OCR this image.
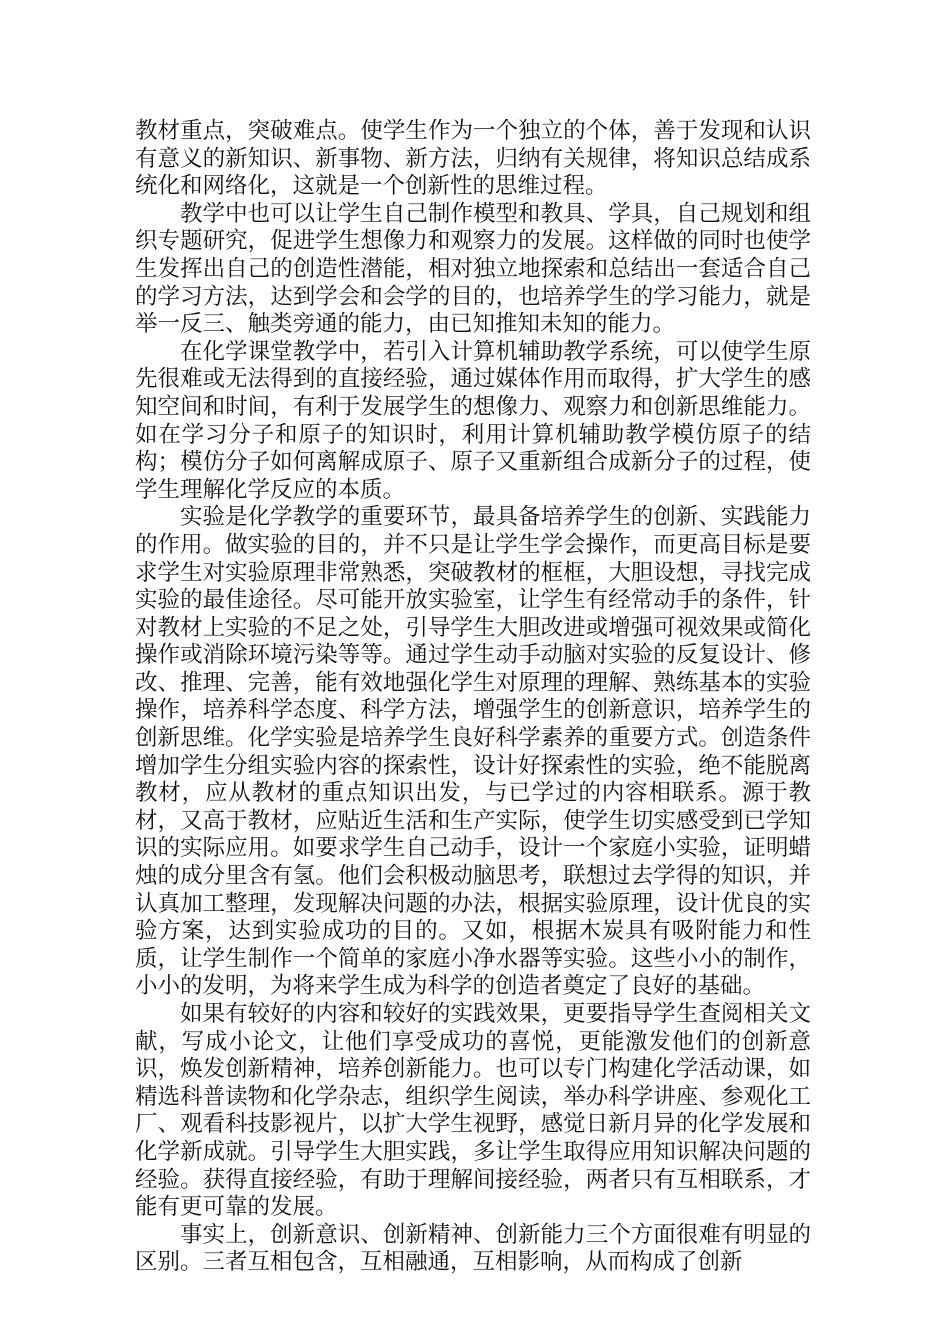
教材重点，突破难点。使学生作为一个独立的个体，善于发现和认识有意义的新知识、新事物、新方法，归纳有关规律，将知识总结成系统化和网络化，这就是一个创新性的思维过程。

教学中也可以让学生自己制作模型和教具、学具，自己规划和组织专题研究，促进学生想像力和观察力的发展。这样做的同时也使学生发挥出自己的创造性潜能，相对独立地探索和总结出一套适合自己的学习方法，达到学会和会学的目的，也培养学生的学习能力，就是举一反三、触类旁通的能力，由已知推知未知的能力。

在化学课堂教学中，若引入计算机辅助教学系统，可以使学生原先很难或无法得到的直接经验，通过媒体作用而取得，扩大学生的感知空间和时间，有利于发展学生的想像力、观察力和创新思维能力。如在学习分子和原子的知识时，利用计算机辅助教学模仿原子的结构；模仿分子如何离解成原子、原子又重新组合成新分子的过程，使学生理解化学反应的本质。

实验是化学教学的重要环节，最具备培养学生的创新、实践能力的作用。做实验的目的，并不只是让学生学会操作，而更高目标是要求学生对实验原理非常熟悉，突破教材的框框，大胆设想，寻找完成实验的最佳途径。尽可能开放实验室，让学生有经常动手的条件，针对教材上实验的不足之处，引导学生大胆改进或增强可视效果或简化操作或消除环境污染等等。通过学生动手动脑对实验的反复设计、修改、推理、完善，能有效地强化学生对原理的理解、熟练基本的实验操作，培养科学态度、科学方法，增强学生的创新意识，培养学生的创新思维。化学实验是培养学生良好科学素养的重要方式。创造条件增加学生分组实验内容的探索性，设计好探索性的实验，绝不能脱离教材，应从教材的重点知识出发，与已学过的内容相联系。源于教材，又高于教材，应贴近生活和生产实际，使学生切实感受到已学知识的实际应用。如要求学生自己动手，设计一个家庭小实验，证明蜡烛的成分里含有氢。他们会积极动脑思考，联想过去学得的知识，并认真加工整理，发现解决问题的办法，根据实验原理，设计优良的实验方案，达到实验成功的目的。又如，根据木炭具有吸附能力和性质，让学生制作一个简单的家庭小净水器等实验。这些小小的制作，小小的发明，为将来学生成为科学的创造者奠定了良好的基础。

如果有较好的内容和较好的实践效果，更要指导学生查阅相关文献，写成小论文，让他们享受成功的喜悦，更能激发他们的创新意识，焕发创新精神，培养创新能力。也可以专门构建化学活动课，如精选科普读物和化学杂志，组织学生阅读，举办科学讲座、参观化工厂、观看科技影视片，以扩大学生视野，感觉日新月异的化学发展和化学新成就。引导学生大胆实践，多让学生取得应用知识解决问题的经验。获得直接经验，有助于理解间接经验，两者只有互相联系，才能有更可靠的发展。

事实上，创新意识、创新精神、创新能力三个方面很难有明显的区别。三者互相包含，互相融通，互相影响，从而构成了创新
